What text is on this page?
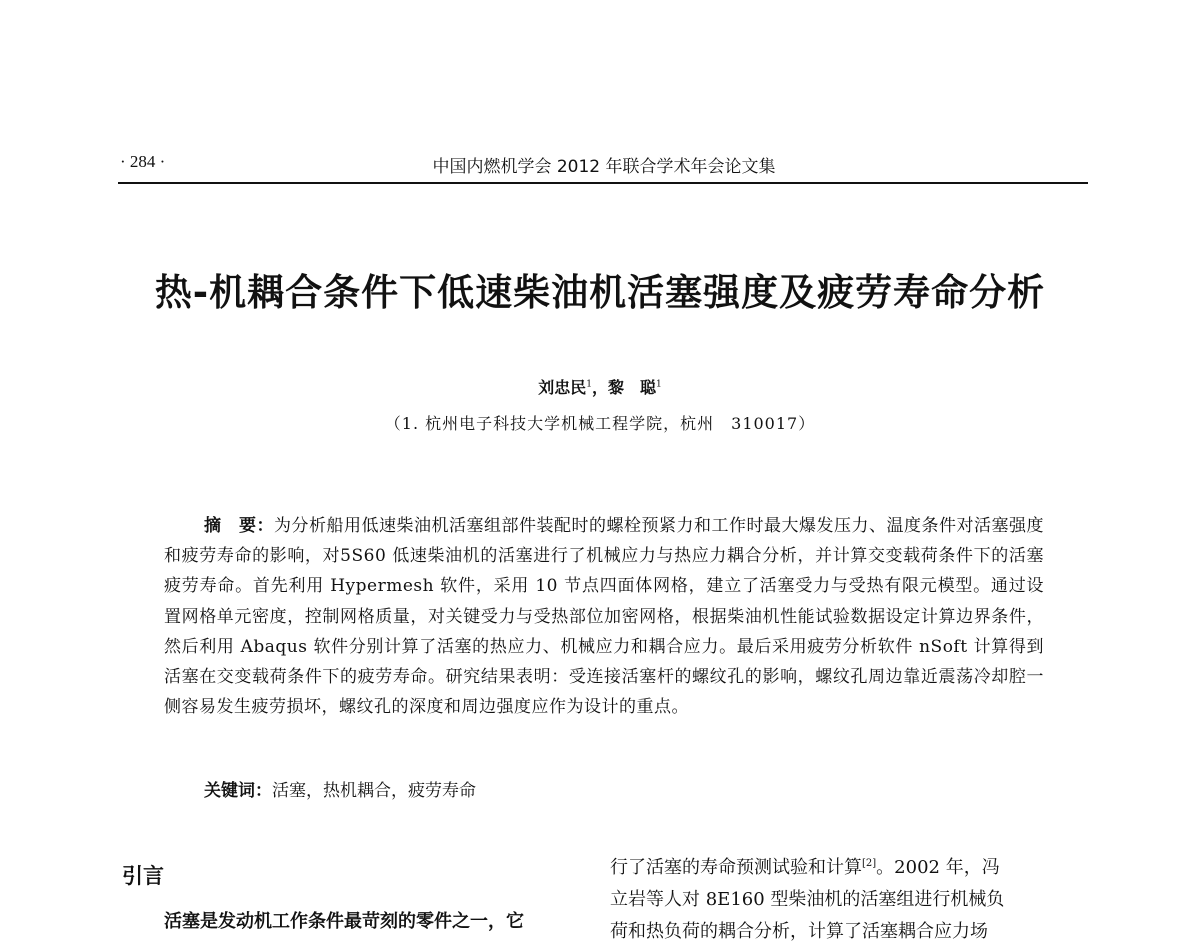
· 284 ·	中国内燃机学会 2012 年联合学术年会论文集
热-机耦合条件下低速柴油机活塞强度及疲劳寿命分析
刘忠民$^1$，黎　聪$^1$
（1. 杭州电子科技大学机械工程学院，杭州　310017）
摘　要：为分析船用低速柴油机活塞组部件装配时的螺栓预紧力和工作时最大爆发压力、温度条件对活塞强度和疲劳寿命的影响，对5S60 低速柴油机的活塞进行了机械应力与热应力耦合分析，并计算交变载荷条件下的活塞疲劳寿命。首先利用 Hypermesh 软件，采用 10 节点四面体网格，建立了活塞受力与受热有限元模型。通过设置网格单元密度，控制网格质量，对关键受力与受热部位加密网格，根据柴油机性能试验数据设定计算边界条件，然后利用 Abaqus 软件分别计算了活塞的热应力、机械应力和耦合应力。最后采用疲劳分析软件 nSoft 计算得到活塞在交变载荷条件下的疲劳寿命。研究结果表明：受连接活塞杆的螺纹孔的影响，螺纹孔周边靠近震荡冷却腔一侧容易发生疲劳损坏，螺纹孔的深度和周边强度应作为设计的重点。
关键词：活塞，热机耦合，疲劳寿命
引言
活塞是发动机工作条件最苛刻的零件之一，它
行了活塞的寿命预测试验和计算[2]。2002 年，冯
立岩等人对 8E160 型柴油机的活塞组进行机械负
荷和热负荷的耦合分析，计算了活塞耦合应力场
